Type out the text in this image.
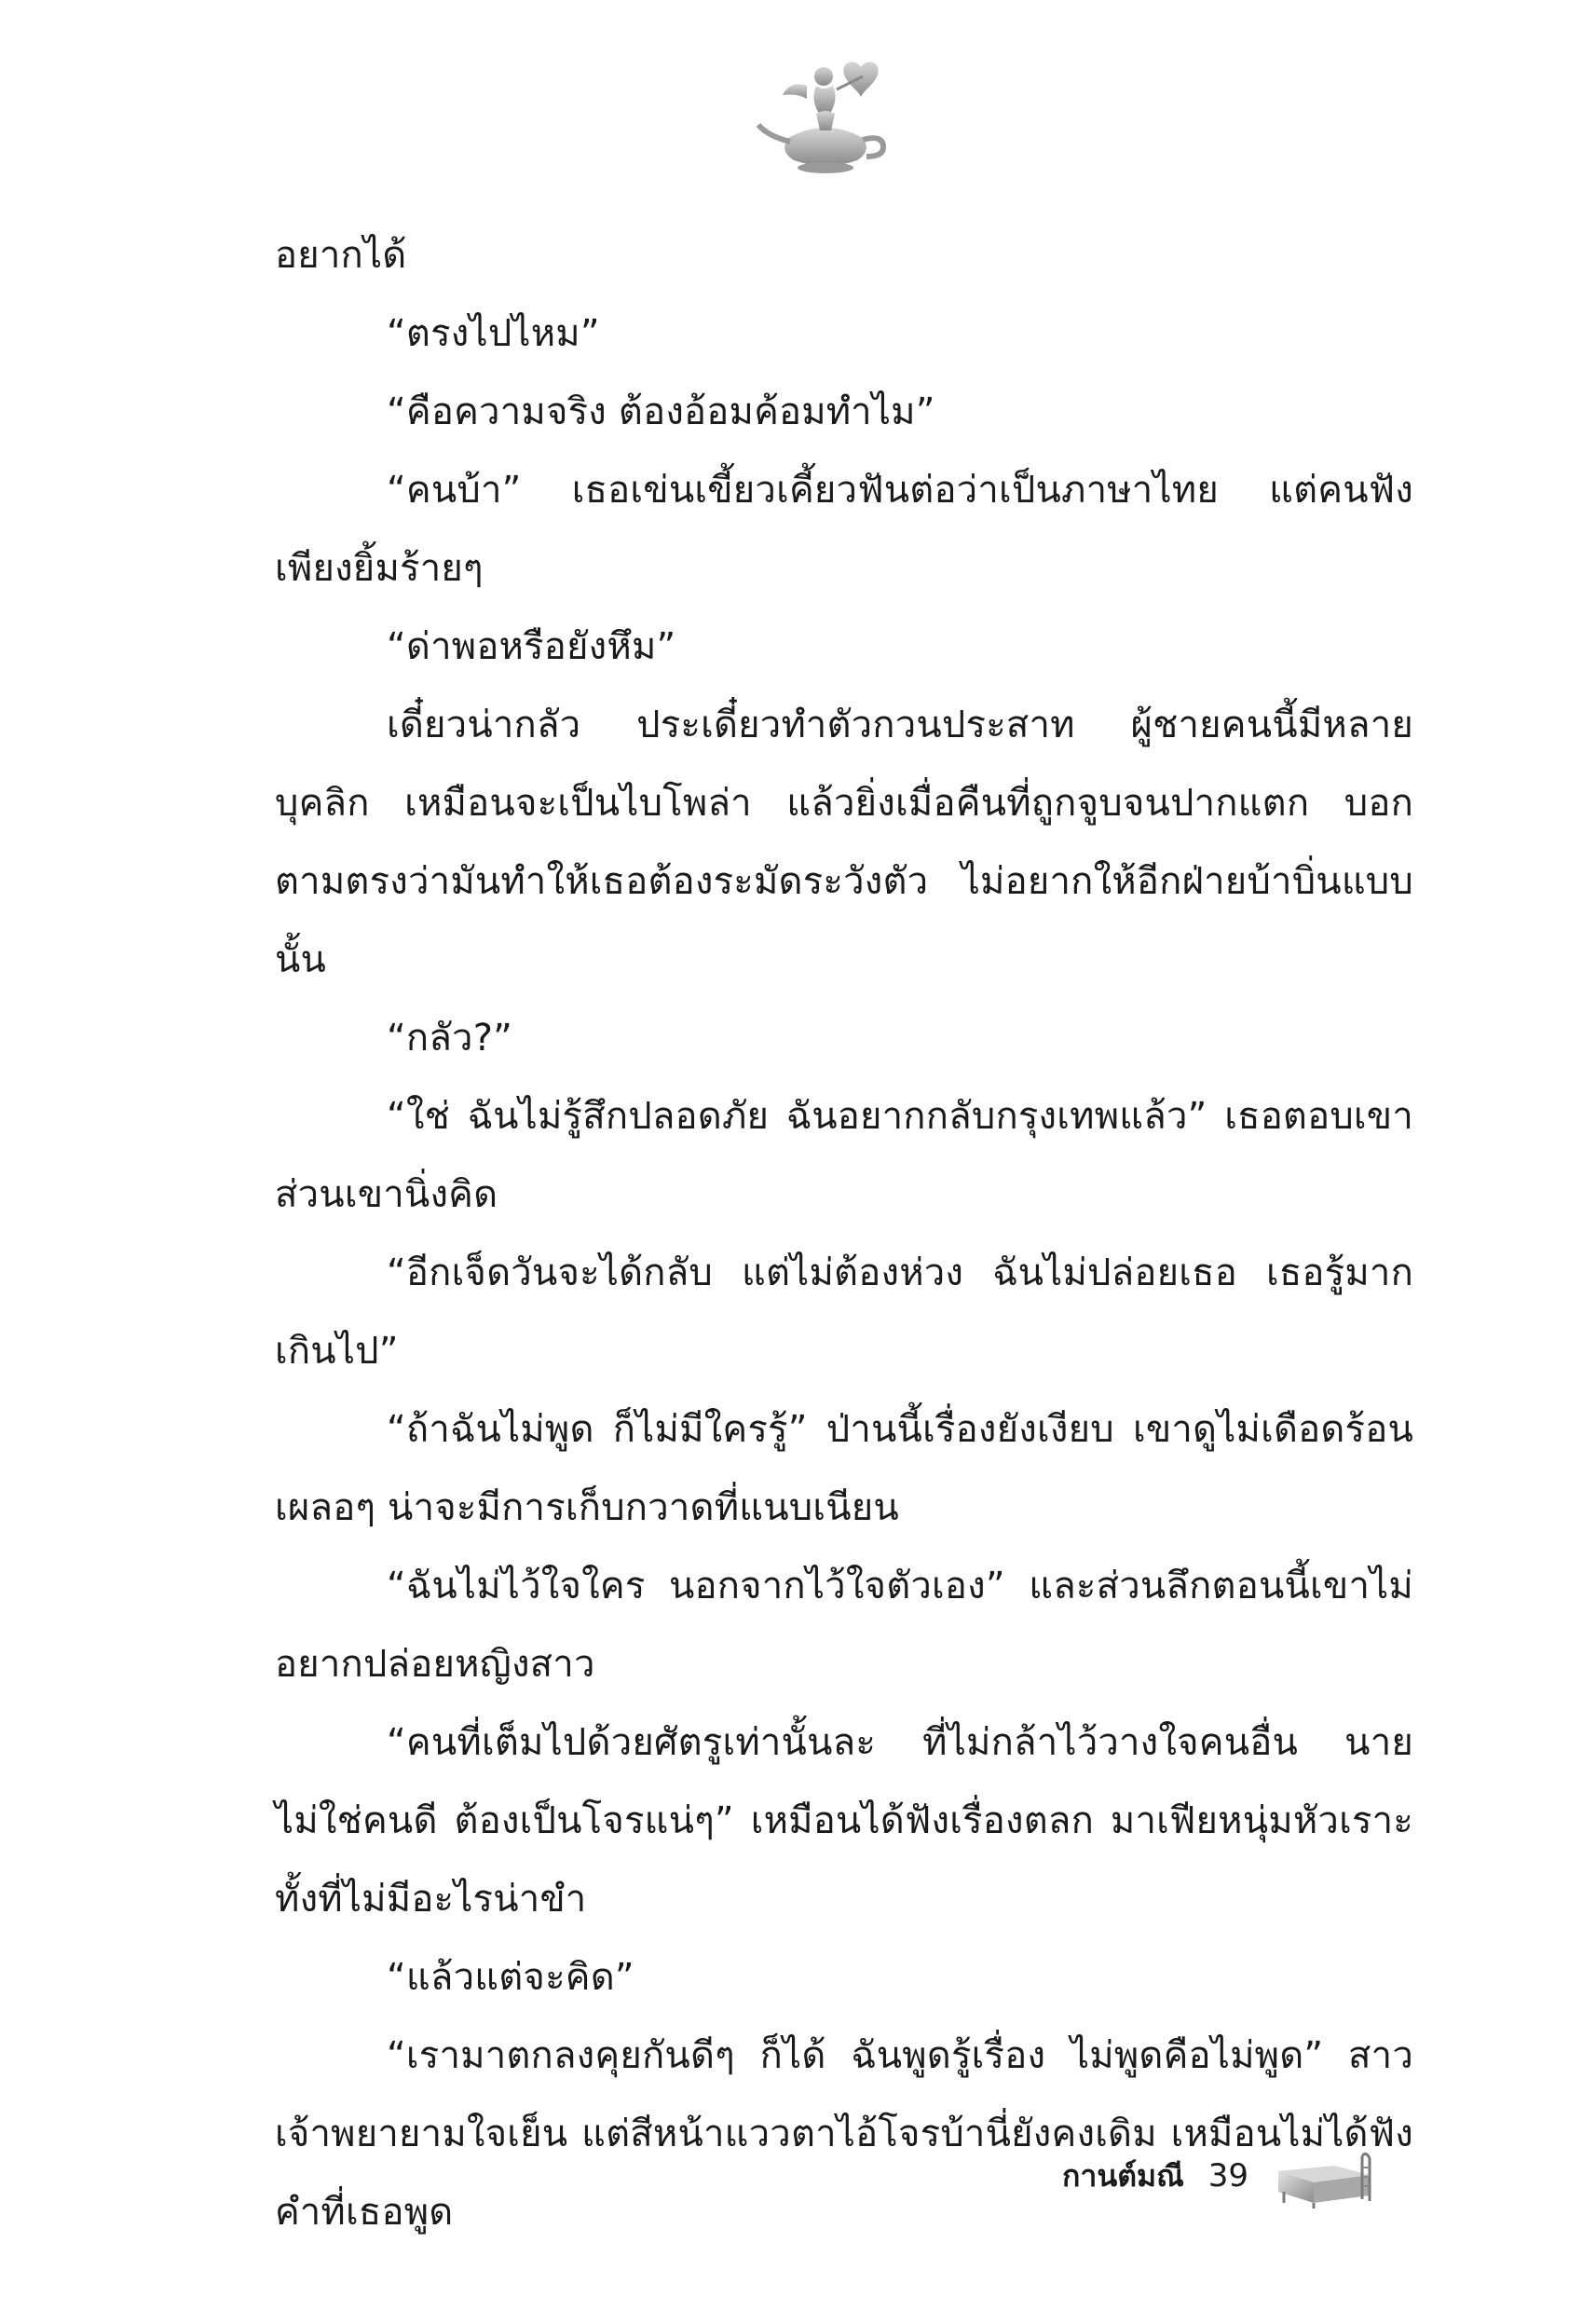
อยากได้

“ตรงไปไหม”

“คือความจริง ต้องอ้อมค้อมทำไม”

“คนบ้า” เธอเข่นเขี้ยวเคี้ยวฟันต่อว่าเป็นภาษาไทย แต่คนฟังเพียงยิ้มร้ายๆ

“ด่าพอหรือยังหึม”

เดี๋ยวน่ากลัว ประเดี๋ยวทำตัวกวนประสาท ผู้ชายคนนี้มีหลายบุคลิก เหมือนจะเป็นไบโพล่า แล้วยิ่งเมื่อคืนที่ถูกจูบจนปากแตก บอกตามตรงว่ามันทำให้เธอต้องระมัดระวังตัว ไม่อยากให้อีกฝ่ายบ้าบิ่นแบบนั้น

“กลัว?”

“ใช่ ฉันไม่รู้สึกปลอดภัย ฉันอยากกลับกรุงเทพแล้ว” เธอตอบเขา ส่วนเขานิ่งคิด

“อีกเจ็ดวันจะได้กลับ แต่ไม่ต้องห่วง ฉันไม่ปล่อยเธอ เธอรู้มากเกินไป”

“ถ้าฉันไม่พูด ก็ไม่มีใครรู้” ป่านนี้เรื่องยังเงียบ เขาดูไม่เดือดร้อนเผลอๆ น่าจะมีการเก็บกวาดที่แนบเนียน

“ฉันไม่ไว้ใจใคร นอกจากไว้ใจตัวเอง” และส่วนลึกตอนนี้เขาไม่อยากปล่อยหญิงสาว

“คนที่เต็มไปด้วยศัตรูเท่านั้นละ ที่ไม่กล้าไว้วางใจคนอื่น นายไม่ใช่คนดี ต้องเป็นโจรแน่ๆ” เหมือนได้ฟังเรื่องตลก มาเฟียหนุ่มหัวเราะทั้งที่ไม่มีอะไรน่าขำ

“แล้วแต่จะคิด”

“เรามาตกลงคุยกันดีๆ ก็ได้ ฉันพูดรู้เรื่อง ไม่พูดคือไม่พูด” สาวเจ้าพยายามใจเย็น แต่สีหน้าแววตาไอ้โจรบ้านี่ยังคงเดิม เหมือนไม่ได้ฟังคำที่เธอพูด

กานต์มณี 39
